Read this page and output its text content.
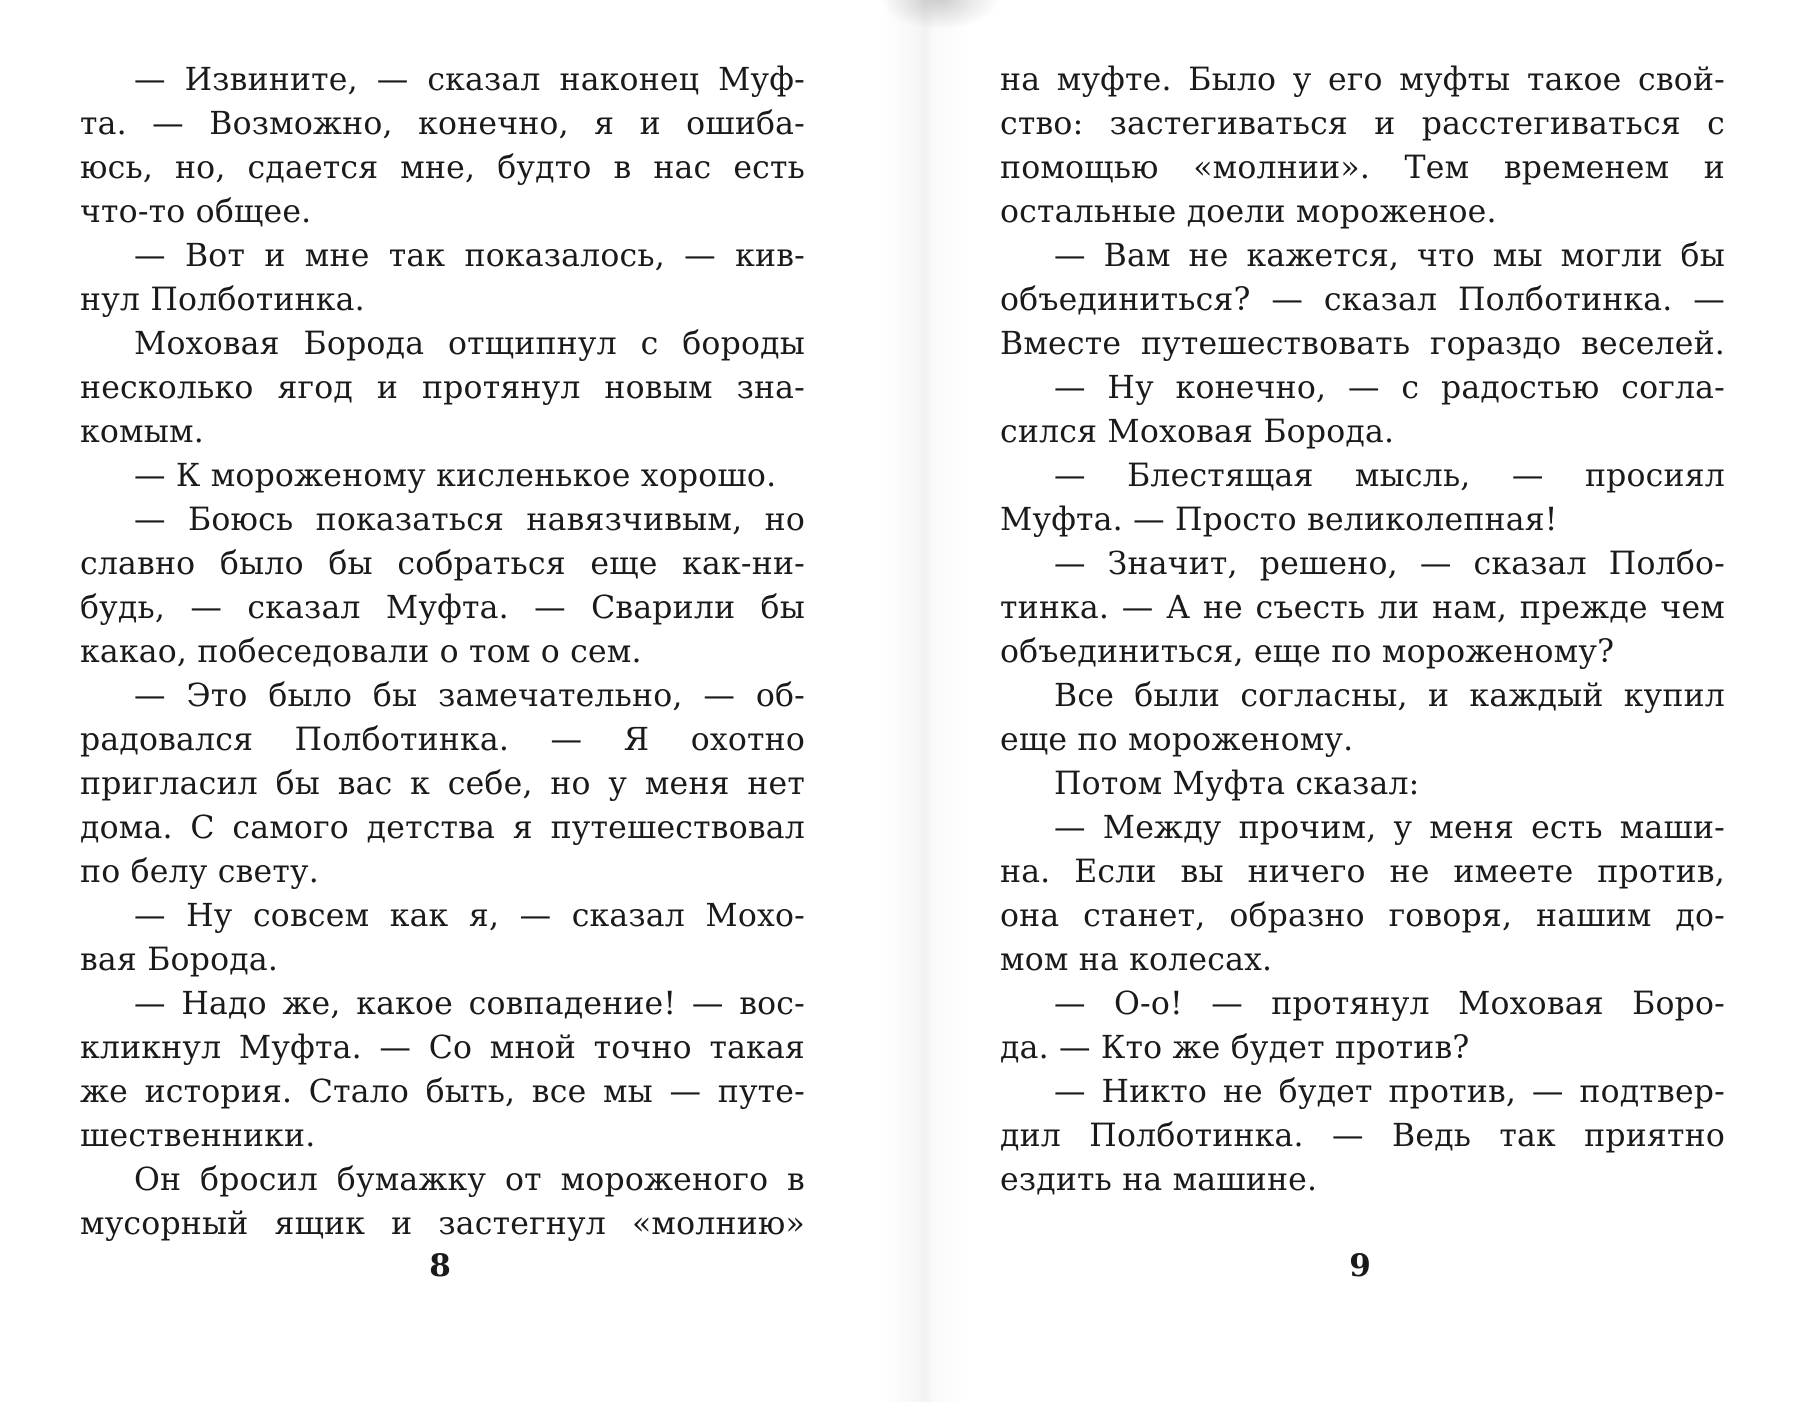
— Извините, — сказал наконец Муф-
та. — Возможно, конечно, я и ошиба-
юсь, но, сдается мне, будто в нас есть
что-то общее.
— Вот и мне так показалось, — кив-
нул Полботинка.
Моховая Борода отщипнул с бороды
несколько ягод и протянул новым зна-
комым.
— К мороженому кисленькое хорошо.
— Боюсь показаться навязчивым, но
славно было бы собраться еще как-ни-
будь, — сказал Муфта. — Сварили бы
какао, побеседовали о том о сем.
— Это было бы замечательно, — об-
радовался Полботинка. — Я охотно
пригласил бы вас к себе, но у меня нет
дома. С самого детства я путешествовал
по белу свету.
— Ну совсем как я, — сказал Мохо-
вая Борода.
— Надо же, какое совпадение! — вос-
кликнул Муфта. — Со мной точно такая
же история. Стало быть, все мы — путе-
шественники.
Он бросил бумажку от мороженого в
мусорный ящик и застегнул «молнию»
8
на муфте. Было у его муфты такое свой-
ство: застегиваться и расстегиваться с
помощью «молнии». Тем временем и
остальные доели мороженое.
— Вам не кажется, что мы могли бы
объединиться? — сказал Полботинка. —
Вместе путешествовать гораздо веселей.
— Ну конечно, — с радостью согла-
сился Моховая Борода.
— Блестящая мысль, — просиял
Муфта. — Просто великолепная!
— Значит, решено, — сказал Полбо-
тинка. — А не съесть ли нам, прежде чем
объединиться, еще по мороженому?
Все были согласны, и каждый купил
еще по мороженому.
Потом Муфта сказал:
— Между прочим, у меня есть маши-
на. Если вы ничего не имеете против,
она станет, образно говоря, нашим до-
мом на колесах.
— О-о! — протянул Моховая Боро-
да. — Кто же будет против?
— Никто не будет против, — подтвер-
дил Полботинка. — Ведь так приятно
ездить на машине.
9
